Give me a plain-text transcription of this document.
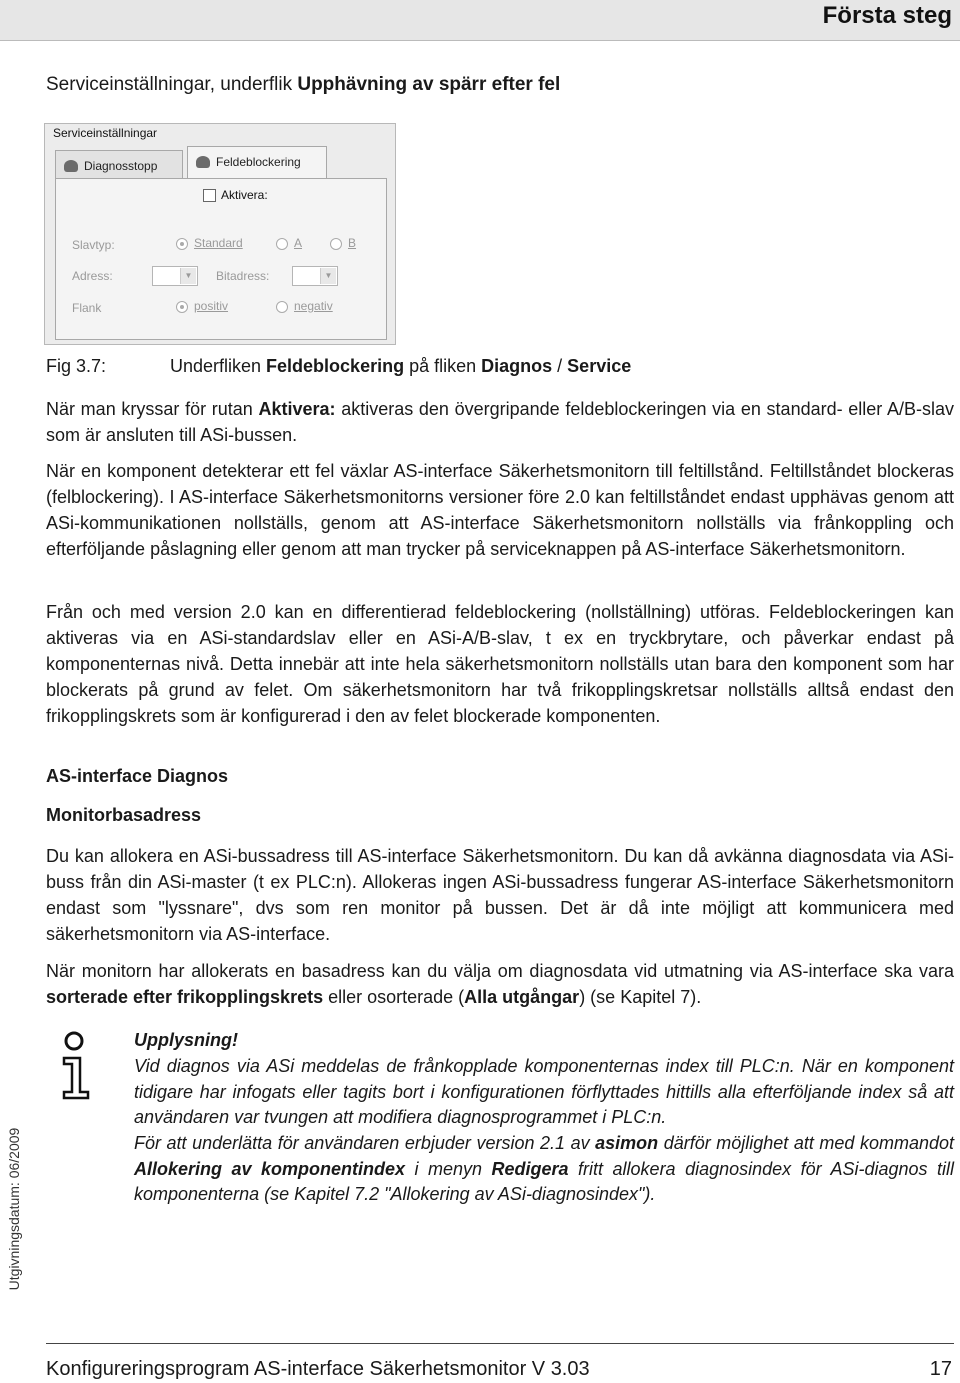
Första steg
Serviceinställningar, underflik Upphävning av spärr efter fel
Serviceinställningar
Diagnosstopp	Feldeblockering
Aktivera:
Slavtyp:	Standard	A	B
Adress:	▼ Bitadress:	▼
Flank	positiv	negativ
Fig 3.7:	Underfliken Feldeblockering på fliken Diagnos / Service

När man kryssar för rutan Aktivera: aktiveras den övergripande feldeblockeringen via en standard- eller A/B-slav som är ansluten till ASi-bussen.

När en komponent detekterar ett fel växlar AS-interface Säkerhetsmonitorn till feltillstånd. Feltillståndet blockeras (felblockering). I AS-interface Säkerhetsmonitorns versioner före 2.0 kan feltillståndet endast upphävas genom att ASi-kommunikationen nollställs, genom att AS-interface Säkerhetsmonitorn nollställs via frånkoppling och efterföljande påslagning eller genom att man trycker på serviceknappen på AS-interface Säkerhetsmonitorn.

Från och med version 2.0 kan en differentierad feldeblockering (nollställning) utföras. Feldeblockeringen kan aktiveras via en ASi-standardslav eller en ASi-A/B-slav, t ex en tryckbrytare, och påverkar endast på komponenternas nivå. Detta innebär att inte hela säkerhetsmonitorn nollställs utan bara den komponent som har blockerats på grund av felet. Om säkerhetsmonitorn har två frikopplingskretsar nollställs alltså endast den frikopplingskrets som är konfigurerad i den av felet blockerade komponenten.

AS-interface Diagnos
Monitorbasadress

Du kan allokera en ASi-bussadress till AS-interface Säkerhetsmonitorn. Du kan då avkänna diagnosdata via ASi-buss från din ASi-master (t ex PLC:n). Allokeras ingen ASi-bussadress fungerar AS-interface Säkerhetsmonitorn endast som "lyssnare", dvs som ren monitor på bussen. Det är då inte möjligt att kommunicera med säkerhetsmonitorn via AS-interface.

När monitorn har allokerats en basadress kan du välja om diagnosdata vid utmatning via AS-interface ska vara sorterade efter frikopplingskrets eller osorterade (Alla utgångar) (se Kapitel 7).

Upplysning!

Vid diagnos via ASi meddelas de frånkopplade komponenternas index till PLC:n. När en komponent tidigare har infogats eller tagits bort i konfigurationen förflyttades hittills alla efterföljande index så att användaren var tvungen att modifiera diagnosprogrammet i PLC:n.

För att underlätta för användaren erbjuder version 2.1 av asimon därför möjlighet att med kommandot Allokering av komponentindex i menyn Redigera fritt allokera diagnosindex för ASi-diagnos till komponenterna (se Kapitel 7.2 "Allokering av ASi-diagnosindex").

Utgivningsdatum: 06/2009
Konfigureringsprogram AS-interface Säkerhetsmonitor V 3.03	17
